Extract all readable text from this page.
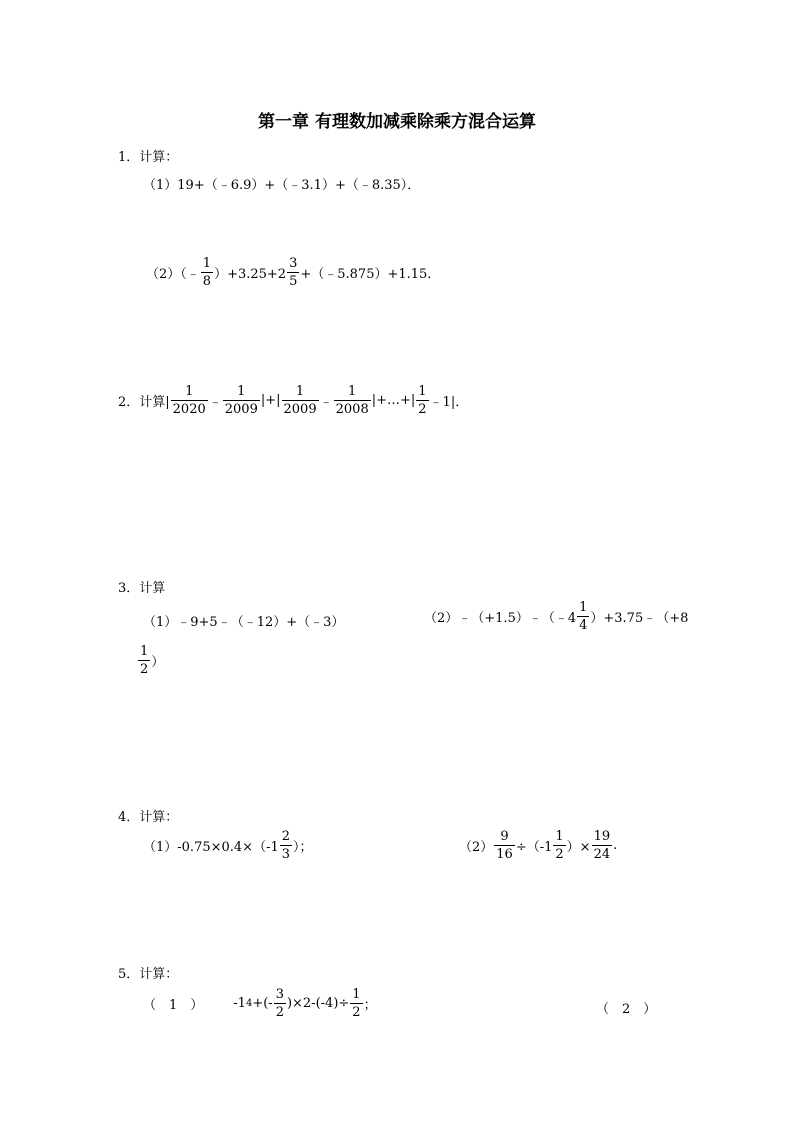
第一章 有理数加减乘除乘方混合运算
1．计算：
（1）19+（﹣6.9）+（﹣3.1）+（﹣8.35）．
（2）（﹣ $\frac{1}{8} )+3.25+2 \frac{3}{5}$ +（﹣5.875）+1.15．
2．计算| $\frac{1}{2020}$ ﹣ $\frac{1}{2009}$ |+| $\frac{1}{2009}$ ﹣ $\frac{1}{2008}$ |+…+| $\frac{1}{2}$ ﹣1|．
3．计算
（1）﹣9+5﹣（﹣12）+（﹣3）	（2）﹣（+1.5）﹣（﹣4 $\frac{1}{4}$ ）+3.75﹣（+8
$\frac{1}{2}$ ）
4．计算：
$(1)-0.75\times 0.4\times(-1 \frac{2}{3}$ ）；	$(2) \frac{9}{16} \div(-1 \frac{1}{2}$ ）× $\frac{19}{24}$ .
5．计算：
（　1　） -1 4 +(- $\frac{3}{2} )\times 2-(-4)\div \frac{1}{2}$ ；	（　2　）
